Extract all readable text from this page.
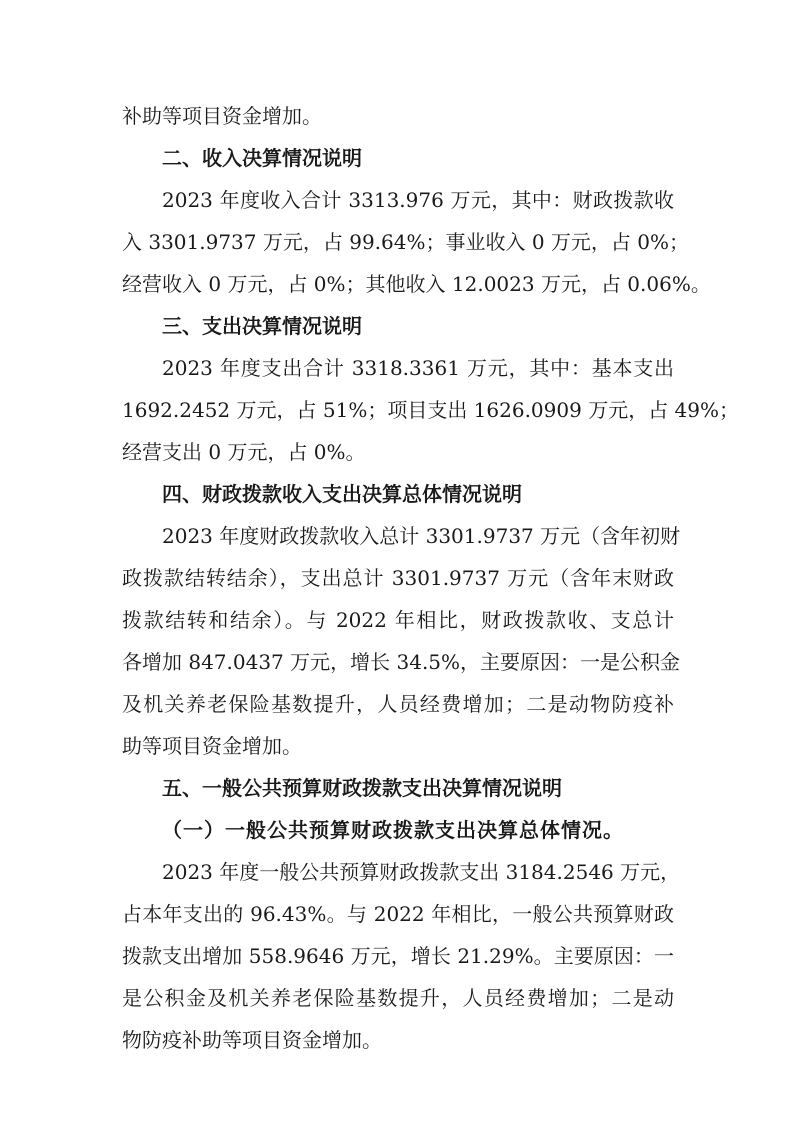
补助等项目资金增加。
二、收入决算情况说明
2023 年度收入合计 3313.976 万元，其中：财政拨款收
入 3301.9737 万元，占 99.64%；事业收入 0 万元，占 0%；
经营收入 0 万元，占 0%；其他收入 12.0023 万元，占 0.06%。
三、支出决算情况说明
2023 年度支出合计 3318.3361 万元，其中：基本支出
1692.2452 万元，占 51%；项目支出 1626.0909 万元，占 49%；
经营支出 0 万元，占 0%。
四、财政拨款收入支出决算总体情况说明
2023 年度财政拨款收入总计 3301.9737 万元（含年初财
政拨款结转结余），支出总计 3301.9737 万元（含年末财政
拨款结转和结余）。与 2022 年相比，财政拨款收、支总计
各增加 847.0437 万元，增长 34.5%，主要原因：一是公积金
及机关养老保险基数提升，人员经费增加；二是动物防疫补
助等项目资金增加。
五、一般公共预算财政拨款支出决算情况说明
（一）一般公共预算财政拨款支出决算总体情况。
2023 年度一般公共预算财政拨款支出 3184.2546 万元，
占本年支出的 96.43%。与 2022 年相比，一般公共预算财政
拨款支出增加 558.9646 万元，增长 21.29%。主要原因：一
是公积金及机关养老保险基数提升，人员经费增加；二是动
物防疫补助等项目资金增加。
